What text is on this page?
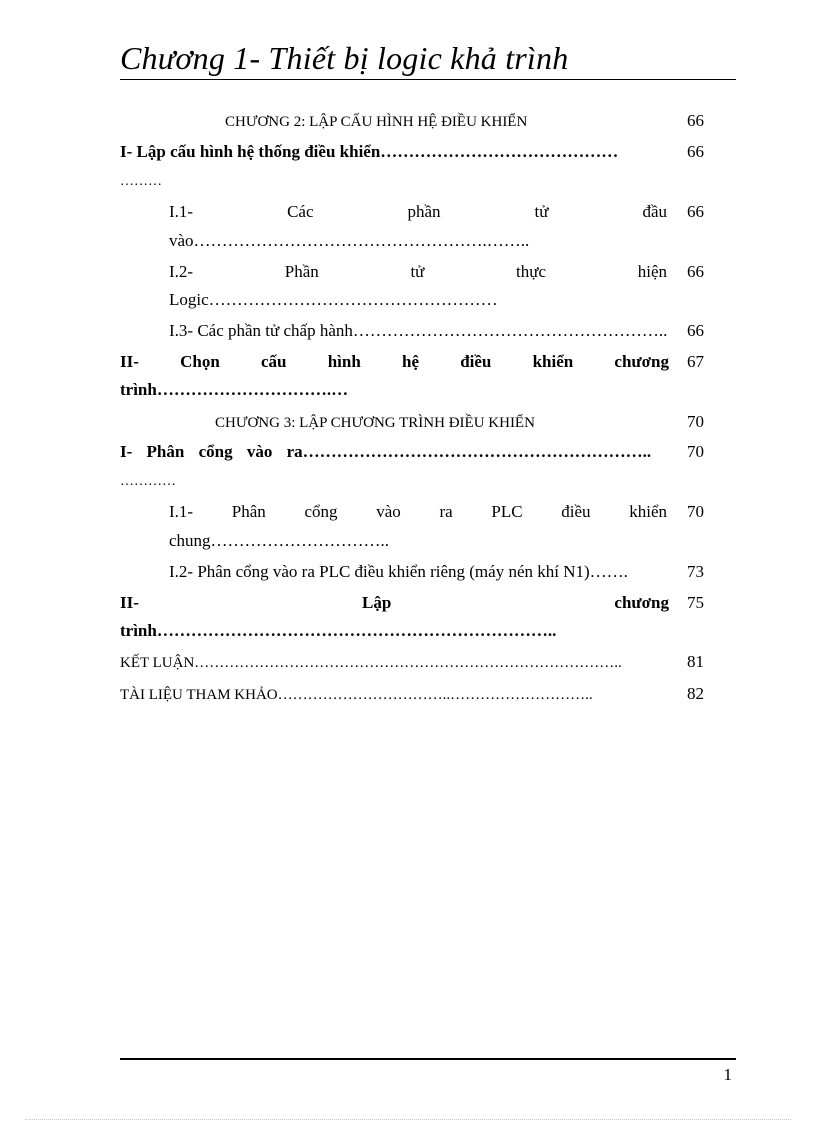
Chương 1- Thiết bị logic khả trình
CHƯƠNG 2: LẬP CẤU HÌNH HỆ ĐIỀU KHIỂN	66
I- Lập cấu hình hệ thống điều khiển……………………………………	66
………
I.1- Các phần tử đầu	66
vào…………………………………………….……..
I.2- Phần tử thực hiện	66
Logic……………………………………………
I.3- Các phần tử chấp hành………………………………………………..	66
II- Chọn cấu hình hệ điều khiển chương	67
trình………………………….…
CHƯƠNG 3: LẬP CHƯƠNG TRÌNH ĐIỀU KHIỂN	70
I- Phân cổng vào ra……………………………………………………..	70
…………
I.1- Phân cổng vào ra PLC điều khiển	70
chung…………………………..
I.2- Phân cổng vào ra PLC điều khiển riêng (máy nén khí N1)…….	73
II- Lập chương	75
trình……………………………………………………………..
KẾT LUẬN…………………………………………………………………………..	81
TÀI LIỆU THAM KHẢO……………………………..………………………..	82
1
